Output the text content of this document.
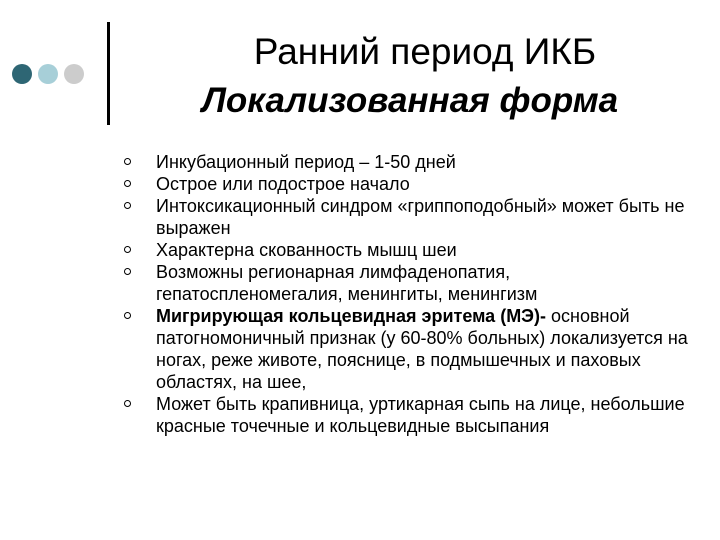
Ранний период ИКБ
Локализованная форма
Инкубационный период – 1-50 дней
Острое или подострое начало
Интоксикационный синдром «гриппоподобный» может быть не выражен
Характерна скованность мышц шеи
Возможны регионарная лимфаденопатия, гепатоспленомегалия, менингиты, менингизм
Мигрирующая кольцевидная эритема (МЭ)- основной патогномоничный признак (у 60-80% больных) локализуется на ногах, реже животе, пояснице, в подмышечных и паховых областях, на шее,
Может быть крапивница, уртикарная сыпь на лице, небольшие красные точечные и кольцевидные высыпания
